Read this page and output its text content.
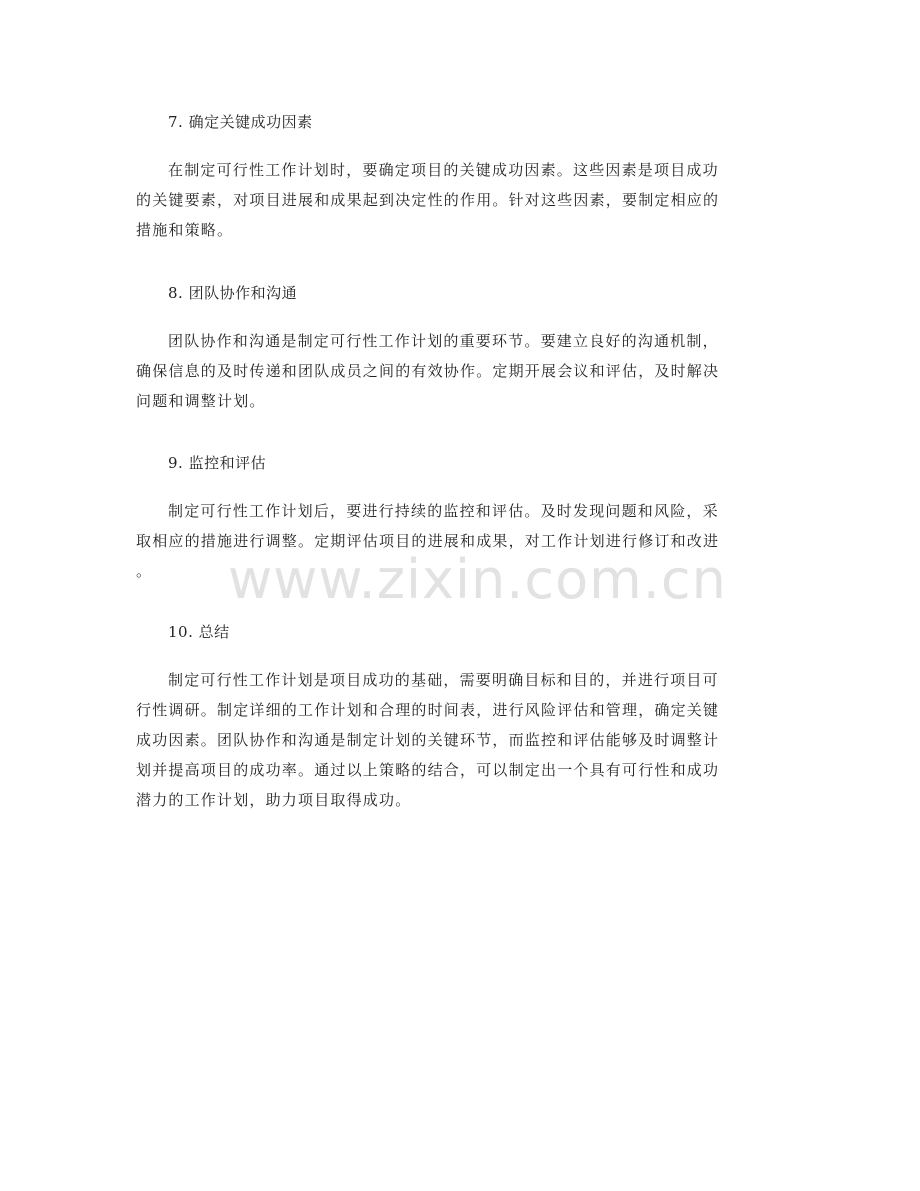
7. 确定关键成功因素
在制定可行性工作计划时，要确定项目的关键成功因素。这些因素是项目成功
的关键要素，对项目进展和成果起到决定性的作用。针对这些因素，要制定相应的
措施和策略。
8. 团队协作和沟通
团队协作和沟通是制定可行性工作计划的重要环节。要建立良好的沟通机制，
确保信息的及时传递和团队成员之间的有效协作。定期开展会议和评估，及时解决
问题和调整计划。
9. 监控和评估
制定可行性工作计划后，要进行持续的监控和评估。及时发现问题和风险，采
取相应的措施进行调整。定期评估项目的进展和成果，对工作计划进行修订和改进
。
10. 总结
制定可行性工作计划是项目成功的基础，需要明确目标和目的，并进行项目可
行性调研。制定详细的工作计划和合理的时间表，进行风险评估和管理，确定关键
成功因素。团队协作和沟通是制定计划的关键环节，而监控和评估能够及时调整计
划并提高项目的成功率。通过以上策略的结合，可以制定出一个具有可行性和成功
潜力的工作计划，助力项目取得成功。
www.zixin.com.cn
